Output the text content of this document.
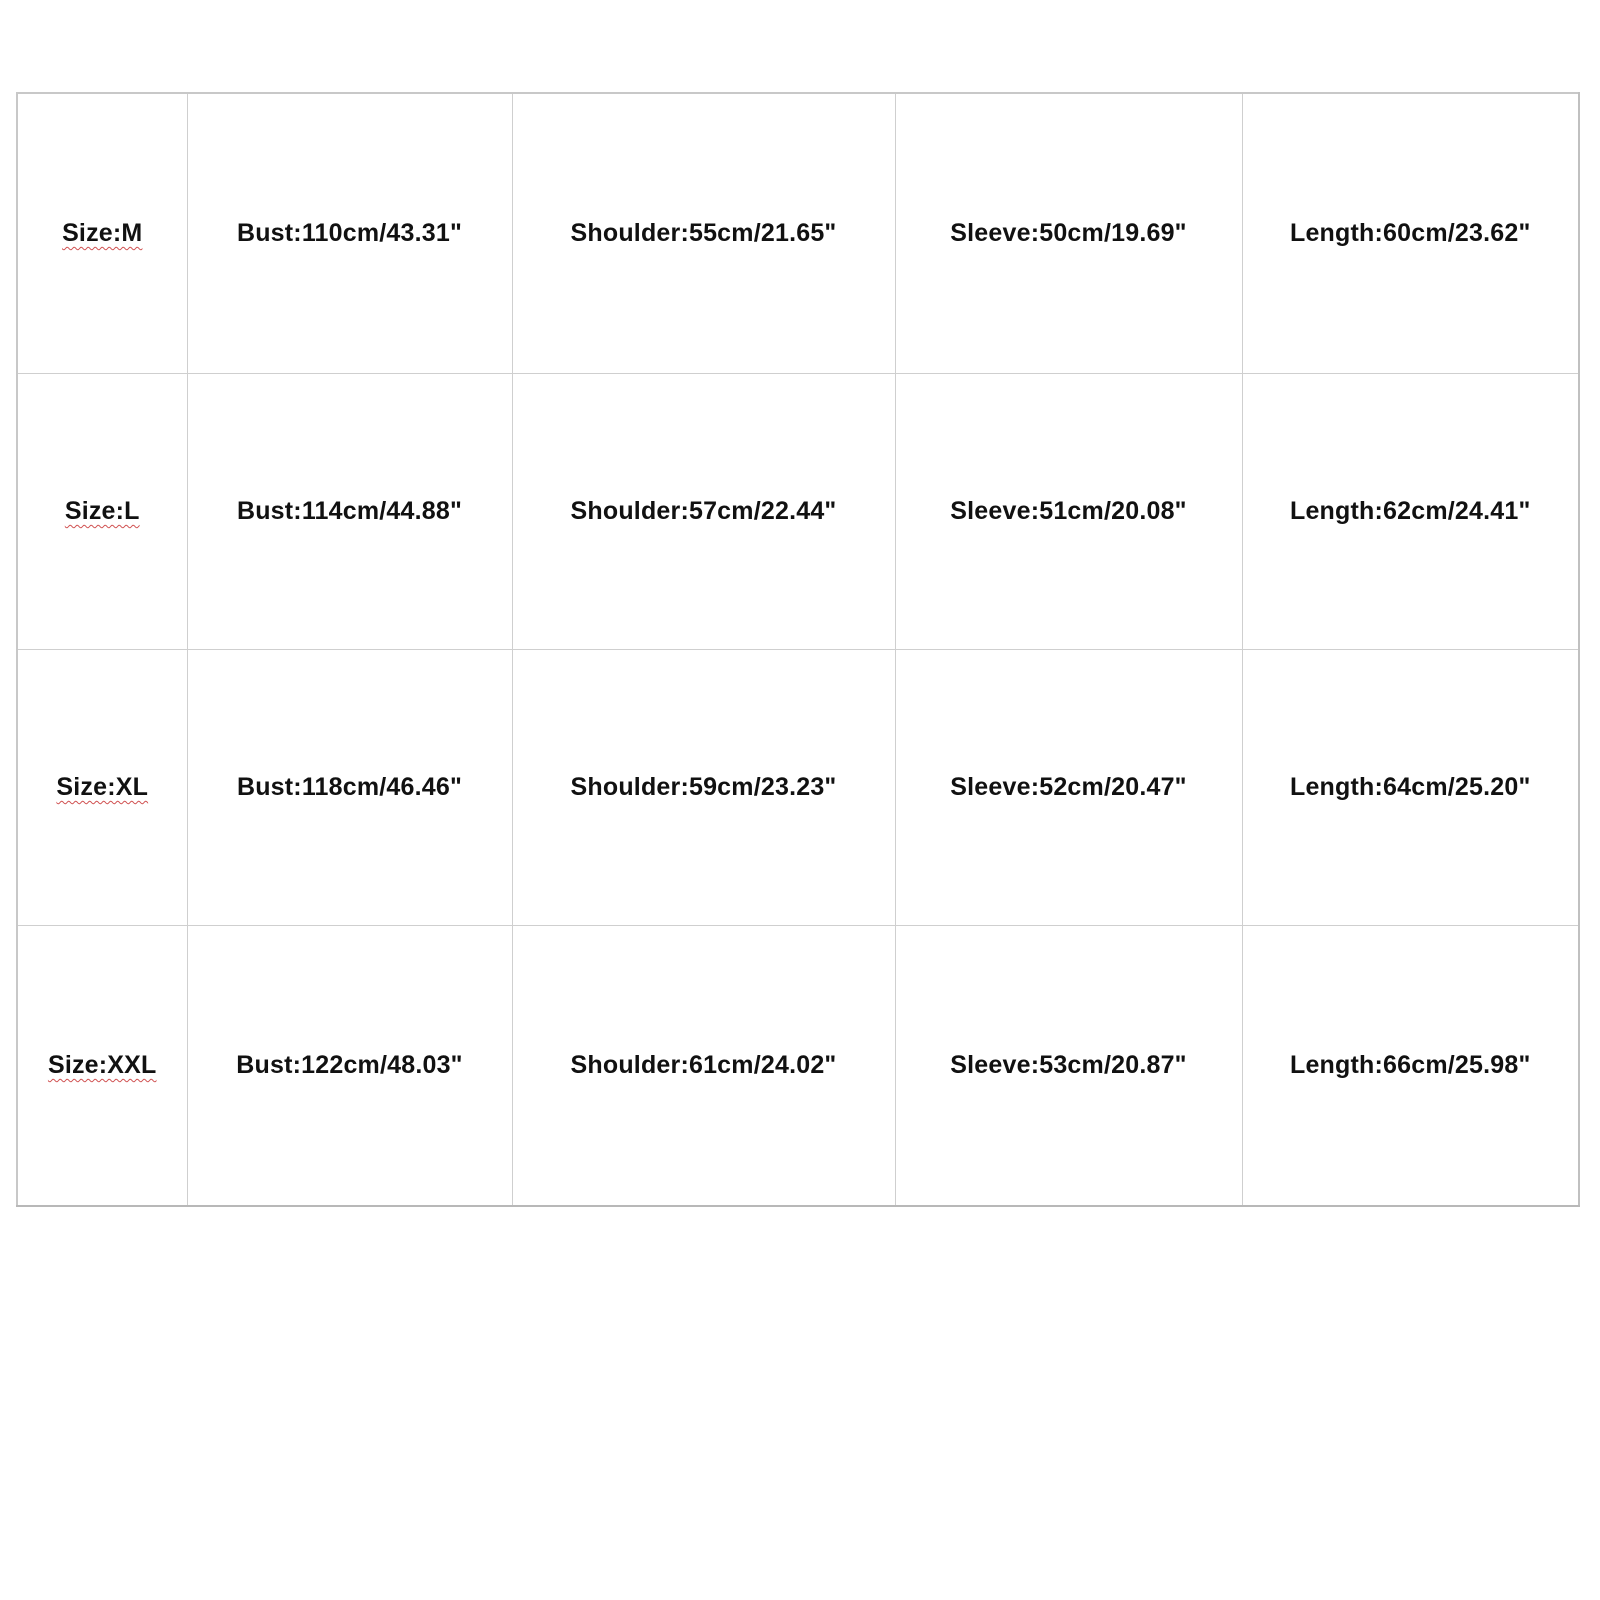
Size:M	Bust:110cm/43.31"	Shoulder:55cm/21.65"	Sleeve:50cm/19.69"	Length:60cm/23.62"
Size:L	Bust:114cm/44.88"	Shoulder:57cm/22.44"	Sleeve:51cm/20.08"	Length:62cm/24.41"
Size:XL	Bust:118cm/46.46"	Shoulder:59cm/23.23"	Sleeve:52cm/20.47"	Length:64cm/25.20"
Size:XXL	Bust:122cm/48.03"	Shoulder:61cm/24.02"	Sleeve:53cm/20.87"	Length:66cm/25.98"
